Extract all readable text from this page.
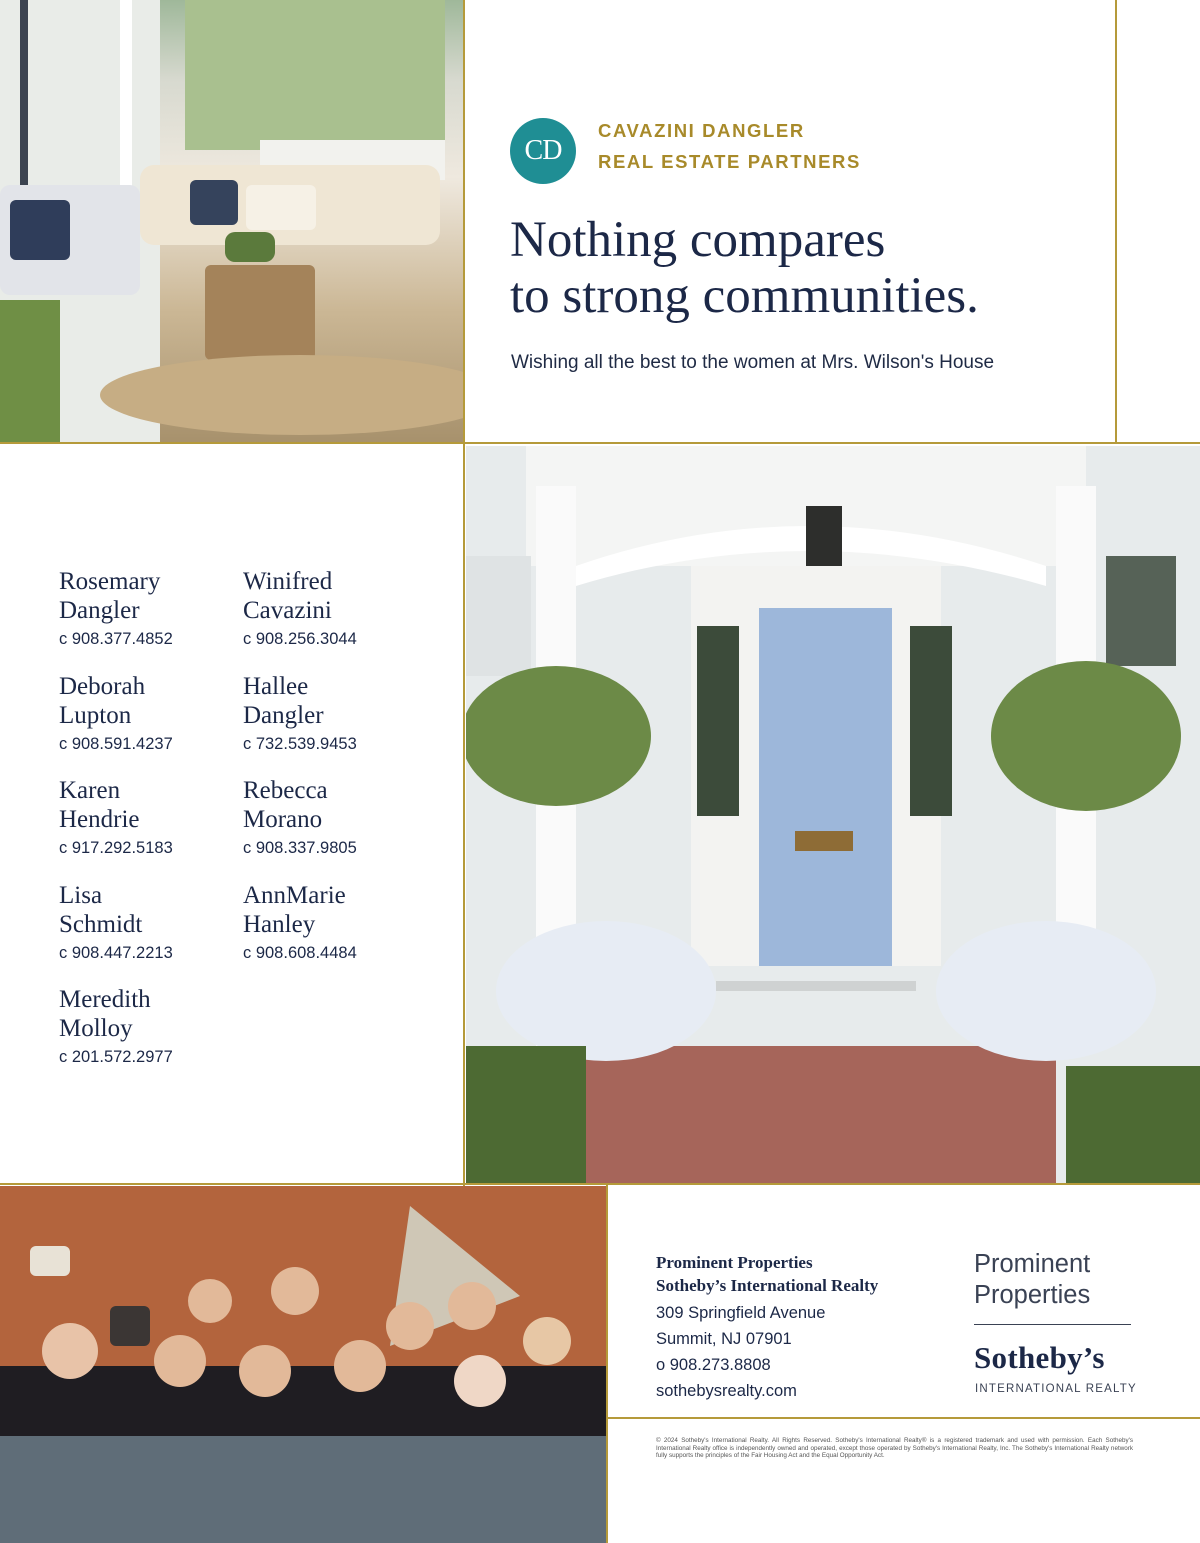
CD
CAVAZINI DANGLER
REAL ESTATE PARTNERS
Nothing compares
to strong communities.
Wishing all the best to the women at Mrs. Wilson's House
Rosemary
Dangler
c 908.377.4852
Winifred
Cavazini
c 908.256.3044
Deborah
Lupton
c 908.591.4237
Hallee
Dangler
c 732.539.9453
Karen
Hendrie
c 917.292.5183
Rebecca
Morano
c 908.337.9805
Lisa
Schmidt
c 908.447.2213
AnnMarie
Hanley
c 908.608.4484
Meredith
Molloy
c 201.572.2977
Prominent Properties
Sotheby’s International Realty
309 Springfield Avenue
Summit, NJ 07901
o 908.273.8808
sothebysrealty.com
Prominent
Properties
Sotheby’s
INTERNATIONAL REALTY
© 2024 Sotheby's International Realty. All Rights Reserved. Sotheby's International Realty® is a registered trademark and used with permission. Each Sotheby's International Realty office is independently owned and operated, except those operated by Sotheby's International Realty, Inc. The Sotheby's International Realty network fully supports the principles of the Fair Housing Act and the Equal Opportunity Act.
